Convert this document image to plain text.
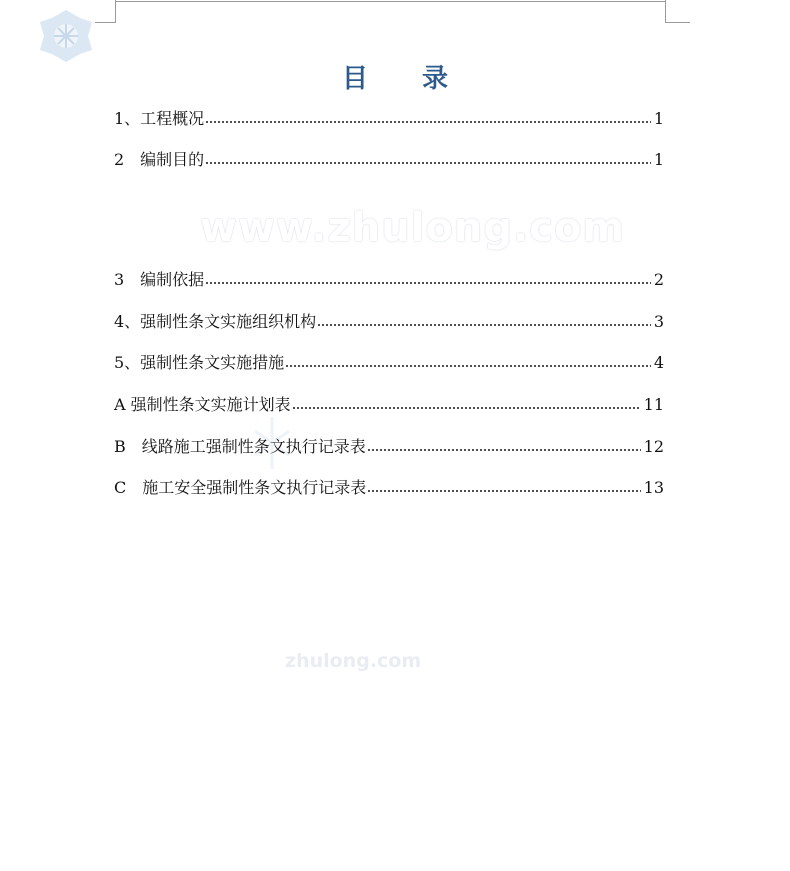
www.zhulong.com
zhulong.com
目　录
1、工程概况	1
2　编制目的	1
3　编制依据	2
4、强制性条文实施组织机构	3
5、强制性条文实施措施	4
A 强制性条文实施计划表	11
B　线路施工强制性条文执行记录表	12
C　施工安全强制性条文执行记录表	13
